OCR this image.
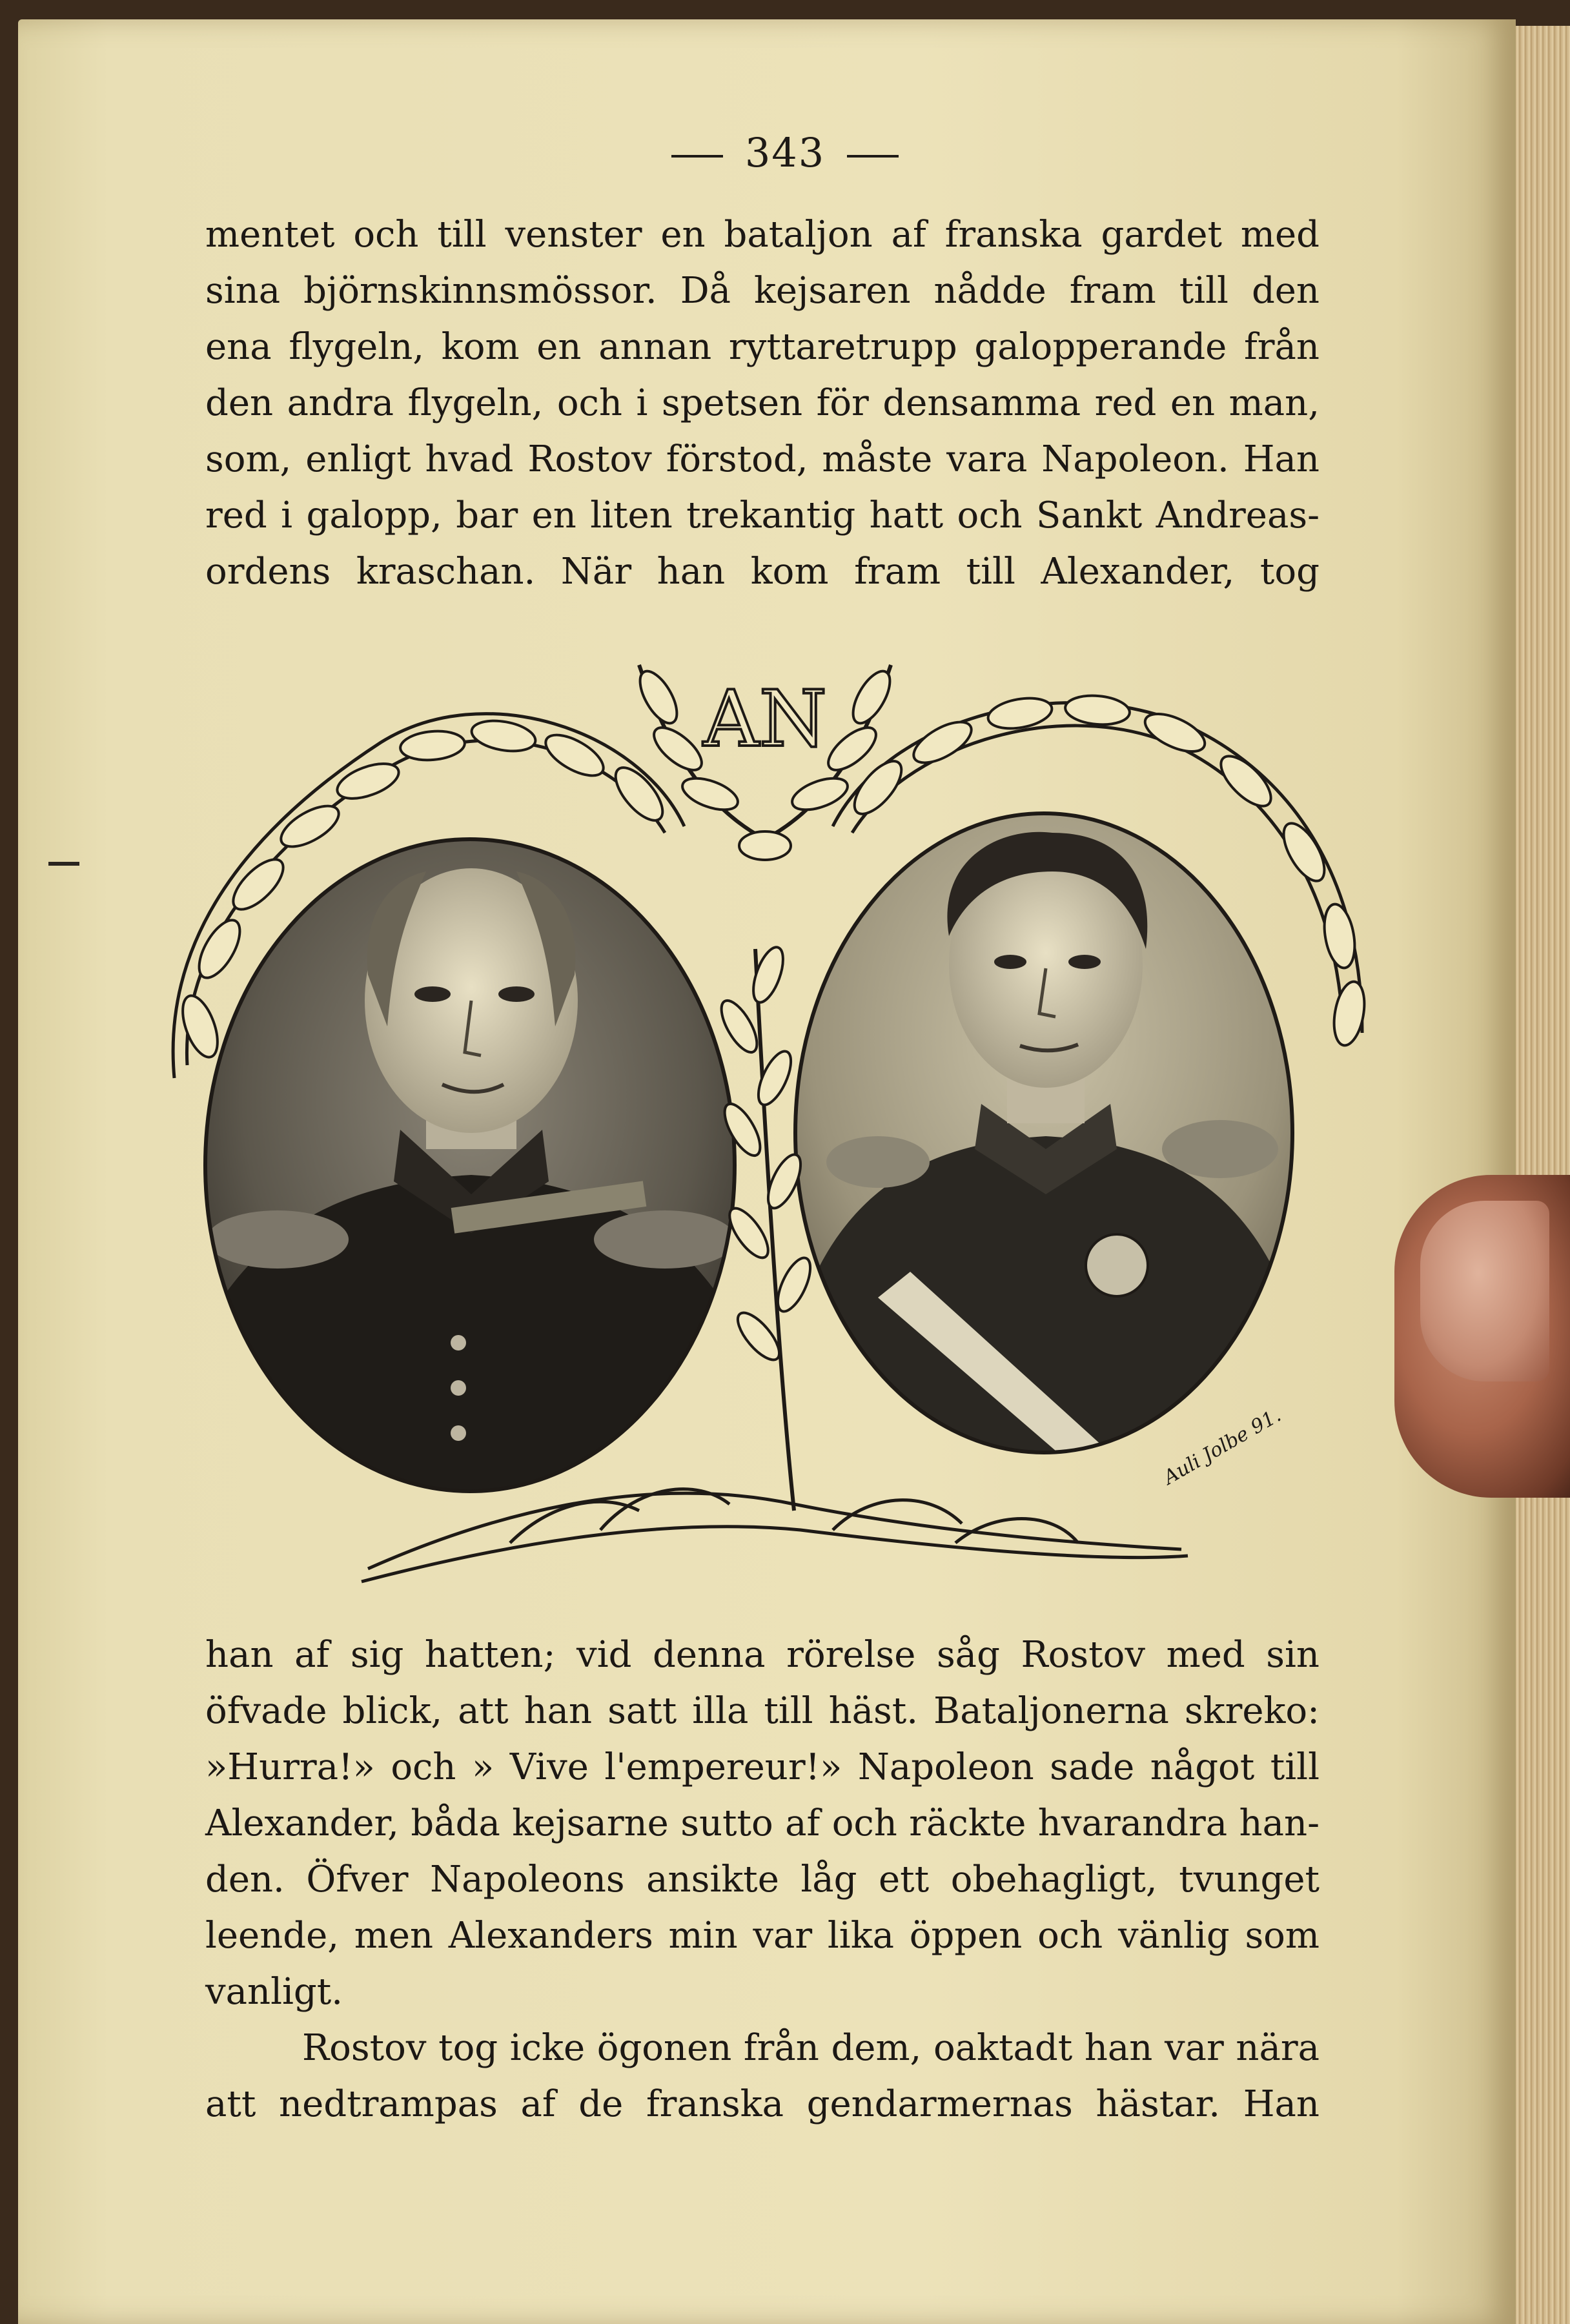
343
mentet och till venster en bataljon af franska gardet med
sina björnskinnsmössor. Då kejsaren nådde fram till den
ena flygeln, kom en annan ryttaretrupp galopperande från
den andra flygeln, och i spetsen för densamma red en man,
som, enligt hvad Rostov förstod, måste vara Napoleon. Han
red i galopp, bar en liten trekantig hatt och Sankt Andreas-
ordens kraschan. När han kom fram till Alexander, tog
AN
Auli Jolbe 91.
han af sig hatten; vid denna rörelse såg Rostov med sin
öfvade blick, att han satt illa till häst. Bataljonerna skreko:
»Hurra!» och » Vive l'empereur!» Napoleon sade något till
Alexander, båda kejsarne sutto af och räckte hvarandra han-
den. Öfver Napoleons ansikte låg ett obehagligt, tvunget
leende, men Alexanders min var lika öppen och vänlig som
vanligt.
Rostov tog icke ögonen från dem, oaktadt han var nära
att nedtrampas af de franska gendarmernas hästar. Han
